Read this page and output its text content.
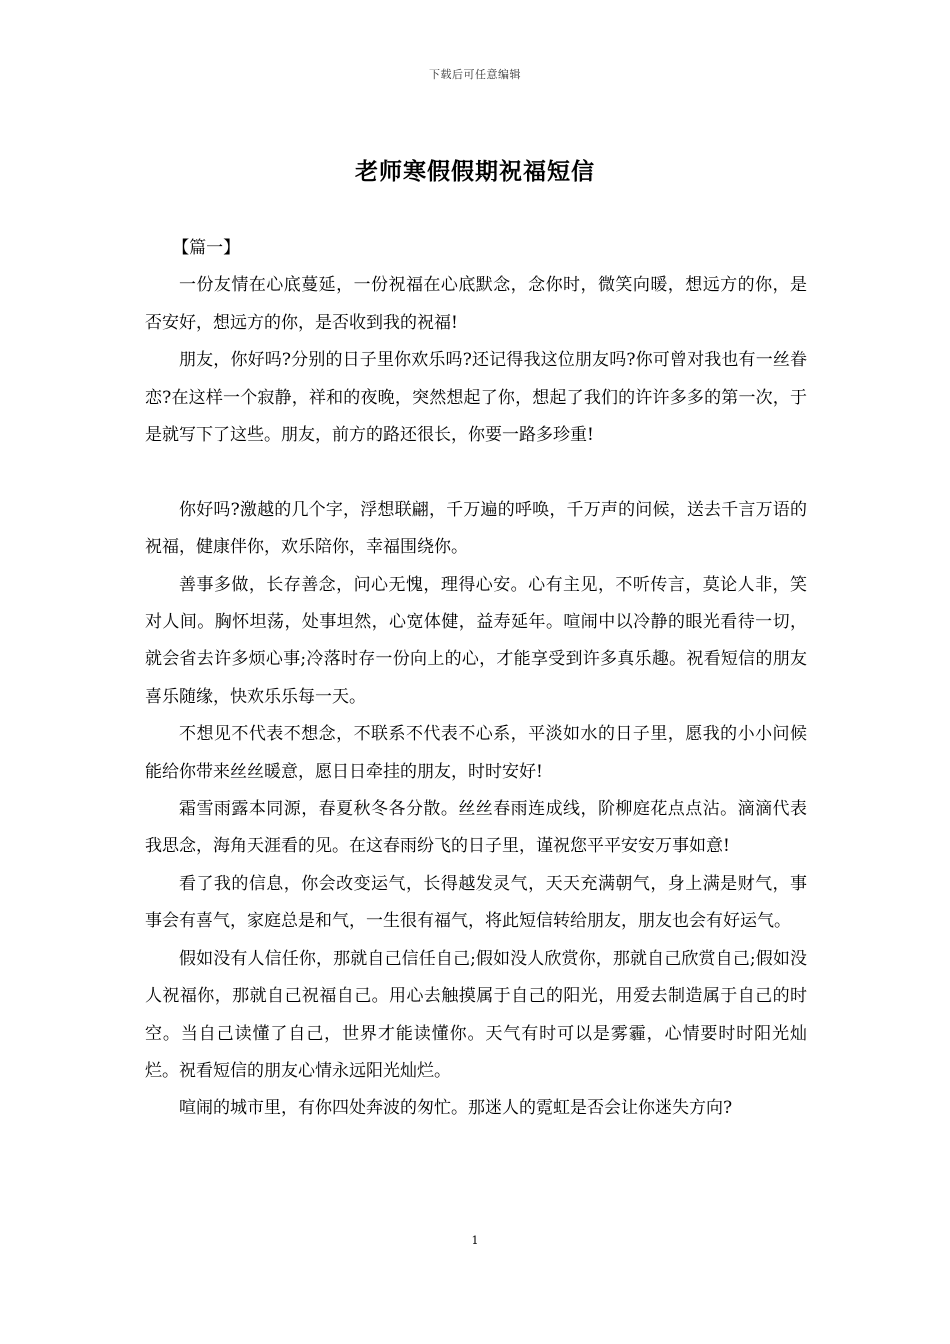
下载后可任意编辑
老师寒假假期祝福短信

【篇一】

一份友情在心底蔓延，一份祝福在心底默念，念你时，微笑向暖，想远方的你，是否安好，想远方的你，是否收到我的祝福!

朋友，你好吗?分别的日子里你欢乐吗?还记得我这位朋友吗?你可曾对我也有一丝眷恋?在这样一个寂静，祥和的夜晚，突然想起了你，想起了我们的许许多多的第一次，于是就写下了这些。朋友，前方的路还很长，你要一路多珍重!

你好吗?激越的几个字，浮想联翩，千万遍的呼唤，千万声的问候，送去千言万语的祝福，健康伴你，欢乐陪你，幸福围绕你。

善事多做，长存善念，问心无愧，理得心安。心有主见，不听传言，莫论人非，笑对人间。胸怀坦荡，处事坦然，心宽体健，益寿延年。喧闹中以冷静的眼光看待一切，就会省去许多烦心事;冷落时存一份向上的心，才能享受到许多真乐趣。祝看短信的朋友喜乐随缘，快欢乐乐每一天。

不想见不代表不想念，不联系不代表不心系，平淡如水的日子里，愿我的小小问候能给你带来丝丝暖意，愿日日牵挂的朋友，时时安好!

霜雪雨露本同源，春夏秋冬各分散。丝丝春雨连成线，阶柳庭花点点沾。滴滴代表我思念，海角天涯看的见。在这春雨纷飞的日子里，谨祝您平平安安万事如意!

看了我的信息，你会改变运气，长得越发灵气，天天充满朝气，身上满是财气，事事会有喜气，家庭总是和气，一生很有福气，将此短信转给朋友，朋友也会有好运气。

假如没有人信任你，那就自己信任自己;假如没人欣赏你，那就自己欣赏自己;假如没人祝福你，那就自己祝福自己。用心去触摸属于自己的阳光，用爱去制造属于自己的时空。当自己读懂了自己，世界才能读懂你。天气有时可以是雾霾，心情要时时阳光灿烂。祝看短信的朋友心情永远阳光灿烂。

喧闹的城市里，有你四处奔波的匆忙。那迷人的霓虹是否会让你迷失方向?

1
